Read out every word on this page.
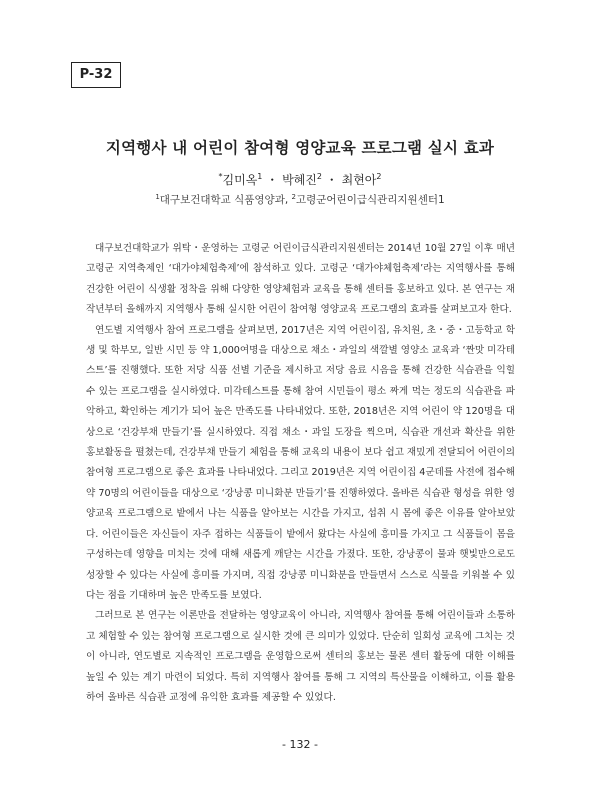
P-32
지역행사 내 어린이 참여형 영양교육 프로그램 실시 효과
*김미옥$^1$ ・ 박혜진$^2$ ・ 최현아$^2$
$^1$대구보건대학교 식품영양과, $^2$고령군어린이급식관리지원센터1

대구보건대학교가 위탁・운영하는 고령군 어린이급식관리지원센터는 2014년 10월 27일 이후 매년 고령군 지역축제인 ‘대가야체험축제’에 참석하고 있다. 고령군 ‘대가야체험축제’라는 지역행사를 통해 건강한 어린이 식생활 정착을 위해 다양한 영양체험과 교육을 통해 센터를 홍보하고 있다. 본 연구는 재작년부터 올해까지 지역행사 통해 실시한 어린이 참여형 영양교육 프로그램의 효과를 살펴보고자 한다.

연도별 지역행사 참여 프로그램을 살펴보면, 2017년은 지역 어린이집, 유치원, 초・중・고등학교 학생 및 학부모, 일반 시민 등 약 1,000여명을 대상으로 채소・과일의 색깔별 영양소 교육과 ‘짠맛 미각테스트’를 진행했다. 또한 저당 식품 선별 기준을 제시하고 저당 음료 시음을 통해 건강한 식습관을 익힐 수 있는 프로그램을 실시하였다. 미각테스트를 통해 참여 시민들이 평소 짜게 먹는 정도의 식습관을 파악하고, 확인하는 계기가 되어 높은 만족도를 나타내었다. 또한, 2018년은 지역 어린이 약 120명을 대상으로 ‘건강부채 만들기’를 실시하였다. 직접 채소・과일 도장을 찍으며, 식습관 개선과 확산을 위한 홍보활동을 펼쳤는데, 건강부채 만들기 체험을 통해 교육의 내용이 보다 쉽고 재밌게 전달되어 어린이의 참여형 프로그램으로 좋은 효과를 나타내었다. 그리고 2019년은 지역 어린이집 4군데를 사전에 접수해 약 70명의 어린이들을 대상으로 ‘강낭콩 미니화분 만들기’를 진행하였다. 올바른 식습관 형성을 위한 영양교육 프로그램으로 밭에서 나는 식품을 알아보는 시간을 가지고, 섭취 시 몸에 좋은 이유를 알아보았다. 어린이들은 자신들이 자주 접하는 식품들이 밭에서 왔다는 사실에 흥미를 가지고 그 식품들이 몸을 구성하는데 영향을 미치는 것에 대해 새롭게 깨닫는 시간을 가졌다. 또한, 강낭콩이 물과 햇빛만으로도 성장할 수 있다는 사실에 흥미를 가지며, 직접 강낭콩 미니화분을 만들면서 스스로 식물을 키워볼 수 있다는 점을 기대하며 높은 만족도를 보였다.

그러므로 본 연구는 이론만을 전달하는 영양교육이 아니라, 지역행사 참여를 통해 어린이들과 소통하고 체험할 수 있는 참여형 프로그램으로 실시한 것에 큰 의미가 있었다. 단순히 일회성 교육에 그치는 것이 아니라, 연도별로 지속적인 프로그램을 운영함으로써 센터의 홍보는 물론 센터 활동에 대한 이해를 높일 수 있는 계기 마련이 되었다. 특히 지역행사 참여를 통해 그 지역의 특산물을 이해하고, 이를 활용하여 올바른 식습관 교정에 유익한 효과를 제공할 수 있었다.

- 132 -
